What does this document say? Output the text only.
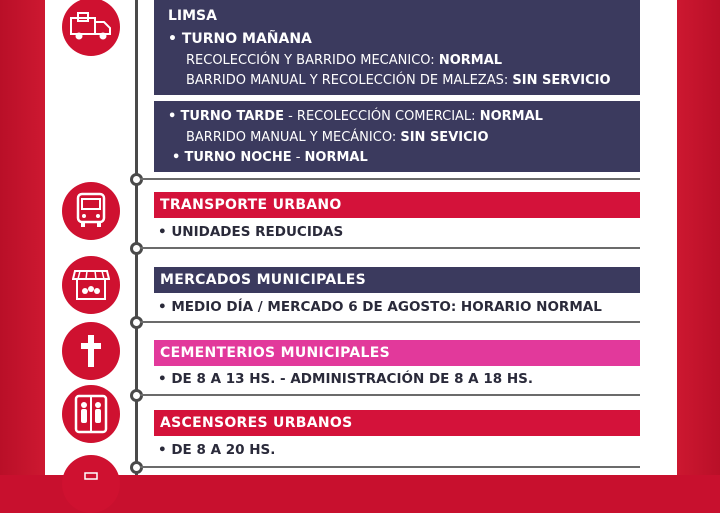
LIMSA
• TURNO MAÑANA
RECOLECCIÓN Y BARRIDO MECANICO: NORMAL
BARRIDO MANUAL Y RECOLECCIÓN DE MALEZAS: SIN SERVICIO
• TURNO TARDE - RECOLECCIÓN COMERCIAL: NORMAL
BARRIDO MANUAL Y MECÁNICO: SIN SEVICIO
• TURNO NOCHE - NORMAL
TRANSPORTE URBANO
• UNIDADES REDUCIDAS
MERCADOS MUNICIPALES
• MEDIO DÍA / MERCADO 6 DE AGOSTO: HORARIO NORMAL
CEMENTERIOS MUNICIPALES
• DE 8 A 13 HS. - ADMINISTRACIÓN DE 8 A 18 HS.
ASCENSORES URBANOS
• DE 8 A 20 HS.
